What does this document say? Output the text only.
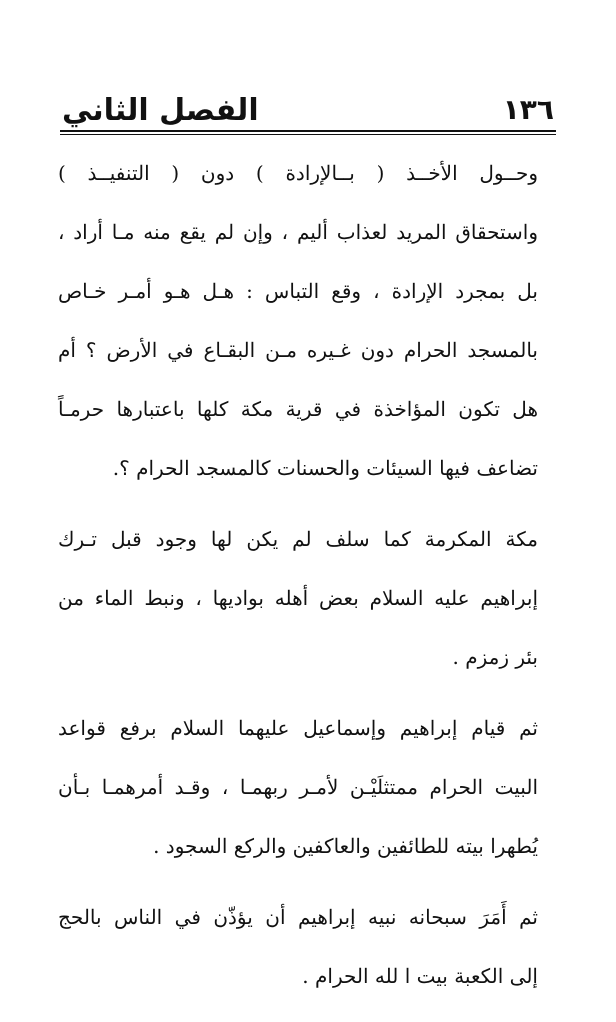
الفصل الثاني	١٣٦
وحــول الأخــذ ( بــالإرادة ) دون ( التنفيــذ )
واستحقاق المريد لعذاب أليم ، وإن لم يقع منه مـا أراد ،
بل بمجرد الإرادة ، وقع التباس : هـل هـو أمـر خـاص
بالمسجد الحرام دون غـيره مـن البقـاع في الأرض ؟ أم
هل تكون المؤاخذة في قرية مكة كلها باعتبارها حرمـاً
تضاعف فيها السيئات والحسنات كالمسجد الحرام ؟.
مكة المكرمة كما سلف لم يكن لها وجود قبل تـرك
إبراهيم عليه السلام بعض أهله بواديها ، ونبط الماء من
بئر زمزم .
ثم قيام إبراهيم وإسماعيل عليهما السلام برفع قواعد
البيت الحرام ممتثلَيْـن لأمـر ربهمـا ، وقـد أمرهمـا بـأن
يُطهرا بيته للطائفين والعاكفين والركع السجود .
ثم أَمَرَ سبحانه نبيه إبراهيم أن يؤذّن في الناس بالحج
إلى الكعبة بيت ا لله الحرام .
